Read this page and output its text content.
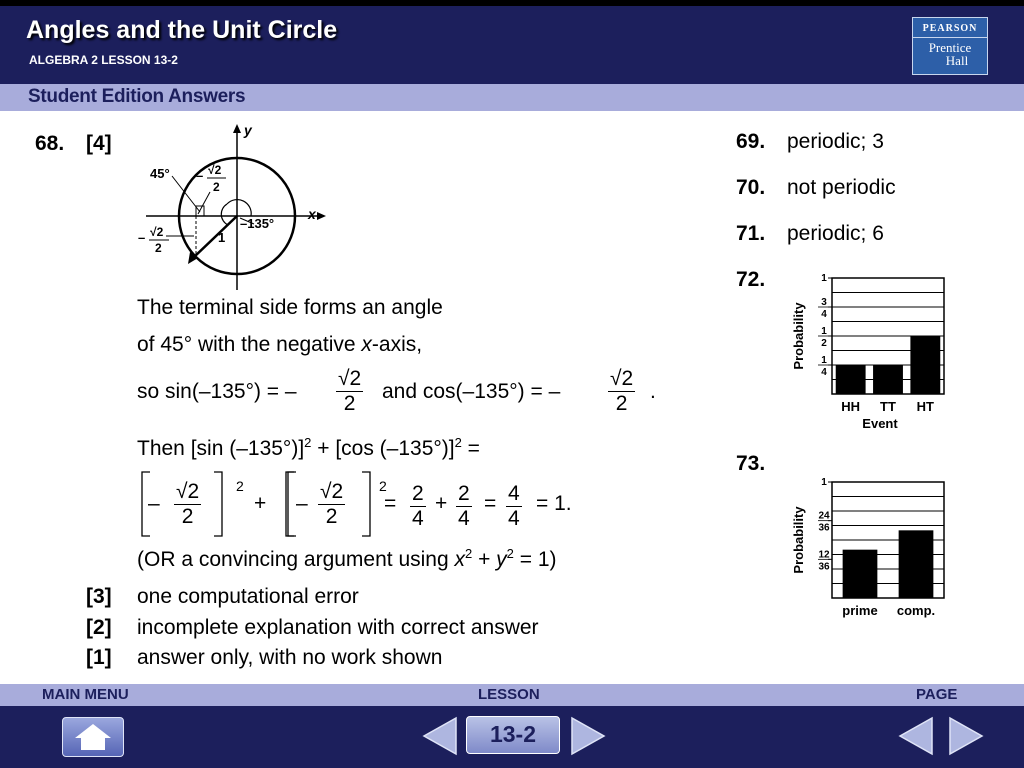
Angles and the Unit Circle
ALGEBRA 2 LESSON 13-2
PEARSON
Prentice
Hall
Student Edition Answers
68. [4]
y
x
45°
–135°
1
– √2
2
– √2
2
The terminal side forms an angle
of 45° with the negative x-axis,
so sin(–135°) = – $\frac{√2}{2}$ and cos(–135°) = – $\frac{√2}{2}$ .
Then [sin (–135°)]$^2$ + [cos (–135°)]$^2$ =
– $\frac{√2}{2} 2$
+ – $\frac{√2}{2} 2$
= $\frac{2}{4} + \frac{2}{4} = \frac{4}{4} = 1$.
(OR a convincing argument using $x^2 + y^2 = 1$)
[3] one computational error
[2] incomplete explanation with correct answer
[1] answer only, with no work shown
69. periodic; 3
70. not periodic
71. periodic; 6
72.
73.
1
4
1
2
3
4
1
HH TT HT
Probability
Event
12
36
24
36
1
prime comp.
Probability
MAIN MENU	LESSON	PAGE
13-2
